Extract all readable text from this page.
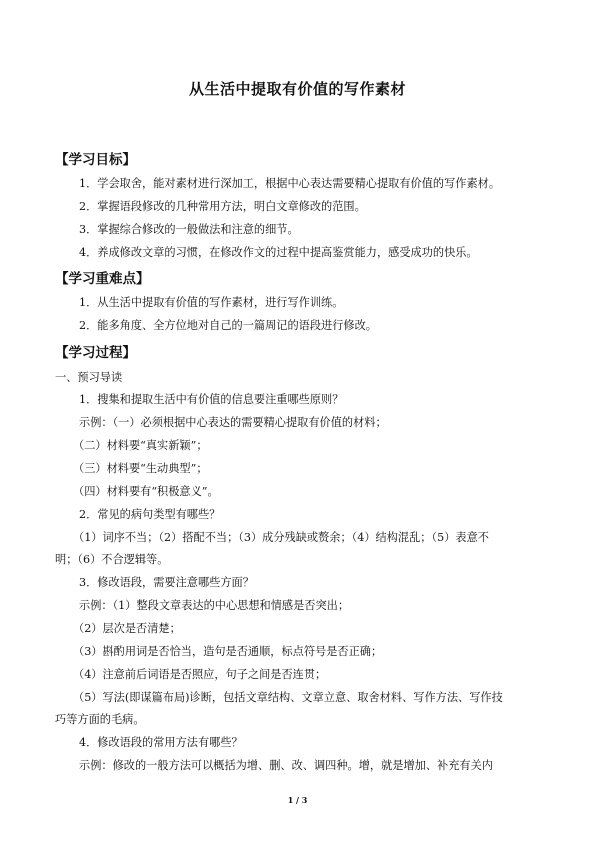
从生活中提取有价值的写作素材
【学习目标】
1．学会取舍，能对素材进行深加工，根据中心表达需要精心提取有价值的写作素材。
2．掌握语段修改的几种常用方法，明白文章修改的范围。
3．掌握综合修改的一般做法和注意的细节。
4．养成修改文章的习惯，在修改作文的过程中提高鉴赏能力，感受成功的快乐。
【学习重难点】
1．从生活中提取有价值的写作素材，进行写作训练。
2．能多角度、全方位地对自己的一篇周记的语段进行修改。
【学习过程】
一、预习导读
1．搜集和提取生活中有价值的信息要注重哪些原则？
示例：（一）必须根据中心表达的需要精心提取有价值的材料；
（二）材料要“真实新颖”；
（三）材料要“生动典型”；
（四）材料要有“积极意义”。
2．常见的病句类型有哪些？
（1）词序不当；（2）搭配不当；（3）成分残缺或赘余；（4）结构混乱；（5）表意不
明；（6）不合逻辑等。
3．修改语段，需要注意哪些方面？
示例：（1）整段文章表达的中心思想和情感是否突出；
（2）层次是否清楚；
（3）斟酌用词是否恰当，造句是否通顺，标点符号是否正确；
（4）注意前后词语是否照应，句子之间是否连贯；
（5）写法(即谋篇布局)诊断，包括文章结构、文章立意、取舍材料、写作方法、写作技
巧等方面的毛病。
4．修改语段的常用方法有哪些？
示例：修改的一般方法可以概括为增、删、改、调四种。增，就是增加、补充有关内
1 / 3
